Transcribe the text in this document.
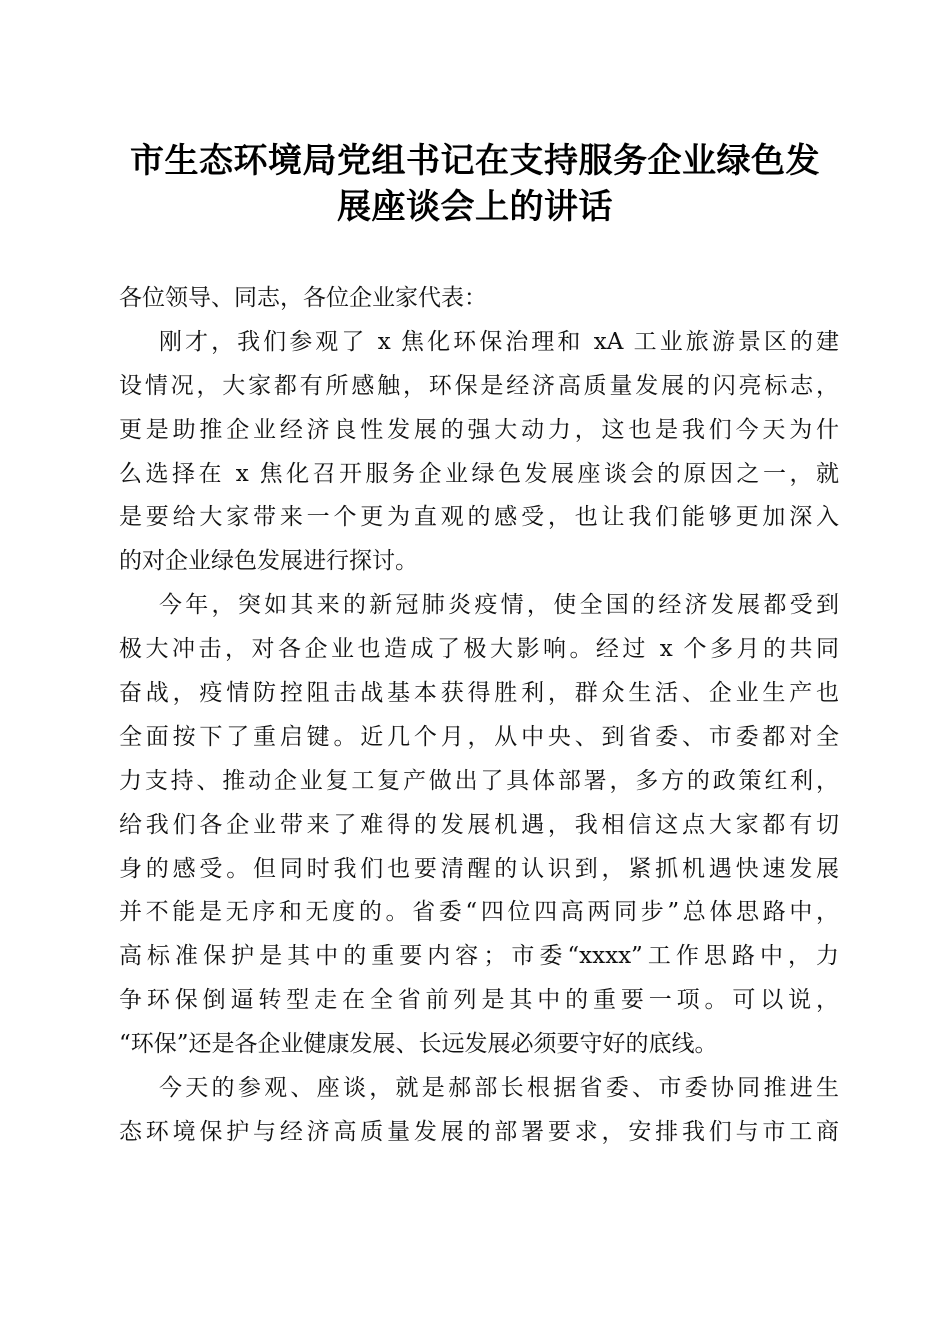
市生态环境局党组书记在支持服务企业绿色发
展座谈会上的讲话
各位领导、同志，各位企业家代表：
刚才，我们参观了 x 焦化环保治理和 xA 工业旅游景区的建
设情况，大家都有所感触，环保是经济高质量发展的闪亮标志，
更是助推企业经济良性发展的强大动力，这也是我们今天为什
么选择在 x 焦化召开服务企业绿色发展座谈会的原因之一，就
是要给大家带来一个更为直观的感受，也让我们能够更加深入
的对企业绿色发展进行探讨。
今年，突如其来的新冠肺炎疫情，使全国的经济发展都受到
极大冲击，对各企业也造成了极大影响。经过 x 个多月的共同
奋战，疫情防控阻击战基本获得胜利，群众生活、企业生产也
全面按下了重启键。近几个月，从中央、到省委、市委都对全
力支持、推动企业复工复产做出了具体部署，多方的政策红利，
给我们各企业带来了难得的发展机遇，我相信这点大家都有切
身的感受。但同时我们也要清醒的认识到，紧抓机遇快速发展
并不能是无序和无度的。省委“四位四高两同步”总体思路中，
高标准保护是其中的重要内容；市委“xxxx”工作思路中，力
争环保倒逼转型走在全省前列是其中的重要一项。可以说，
“环保”还是各企业健康发展、长远发展必须要守好的底线。
今天的参观、座谈，就是郝部长根据省委、市委协同推进生
态环境保护与经济高质量发展的部署要求，安排我们与市工商
